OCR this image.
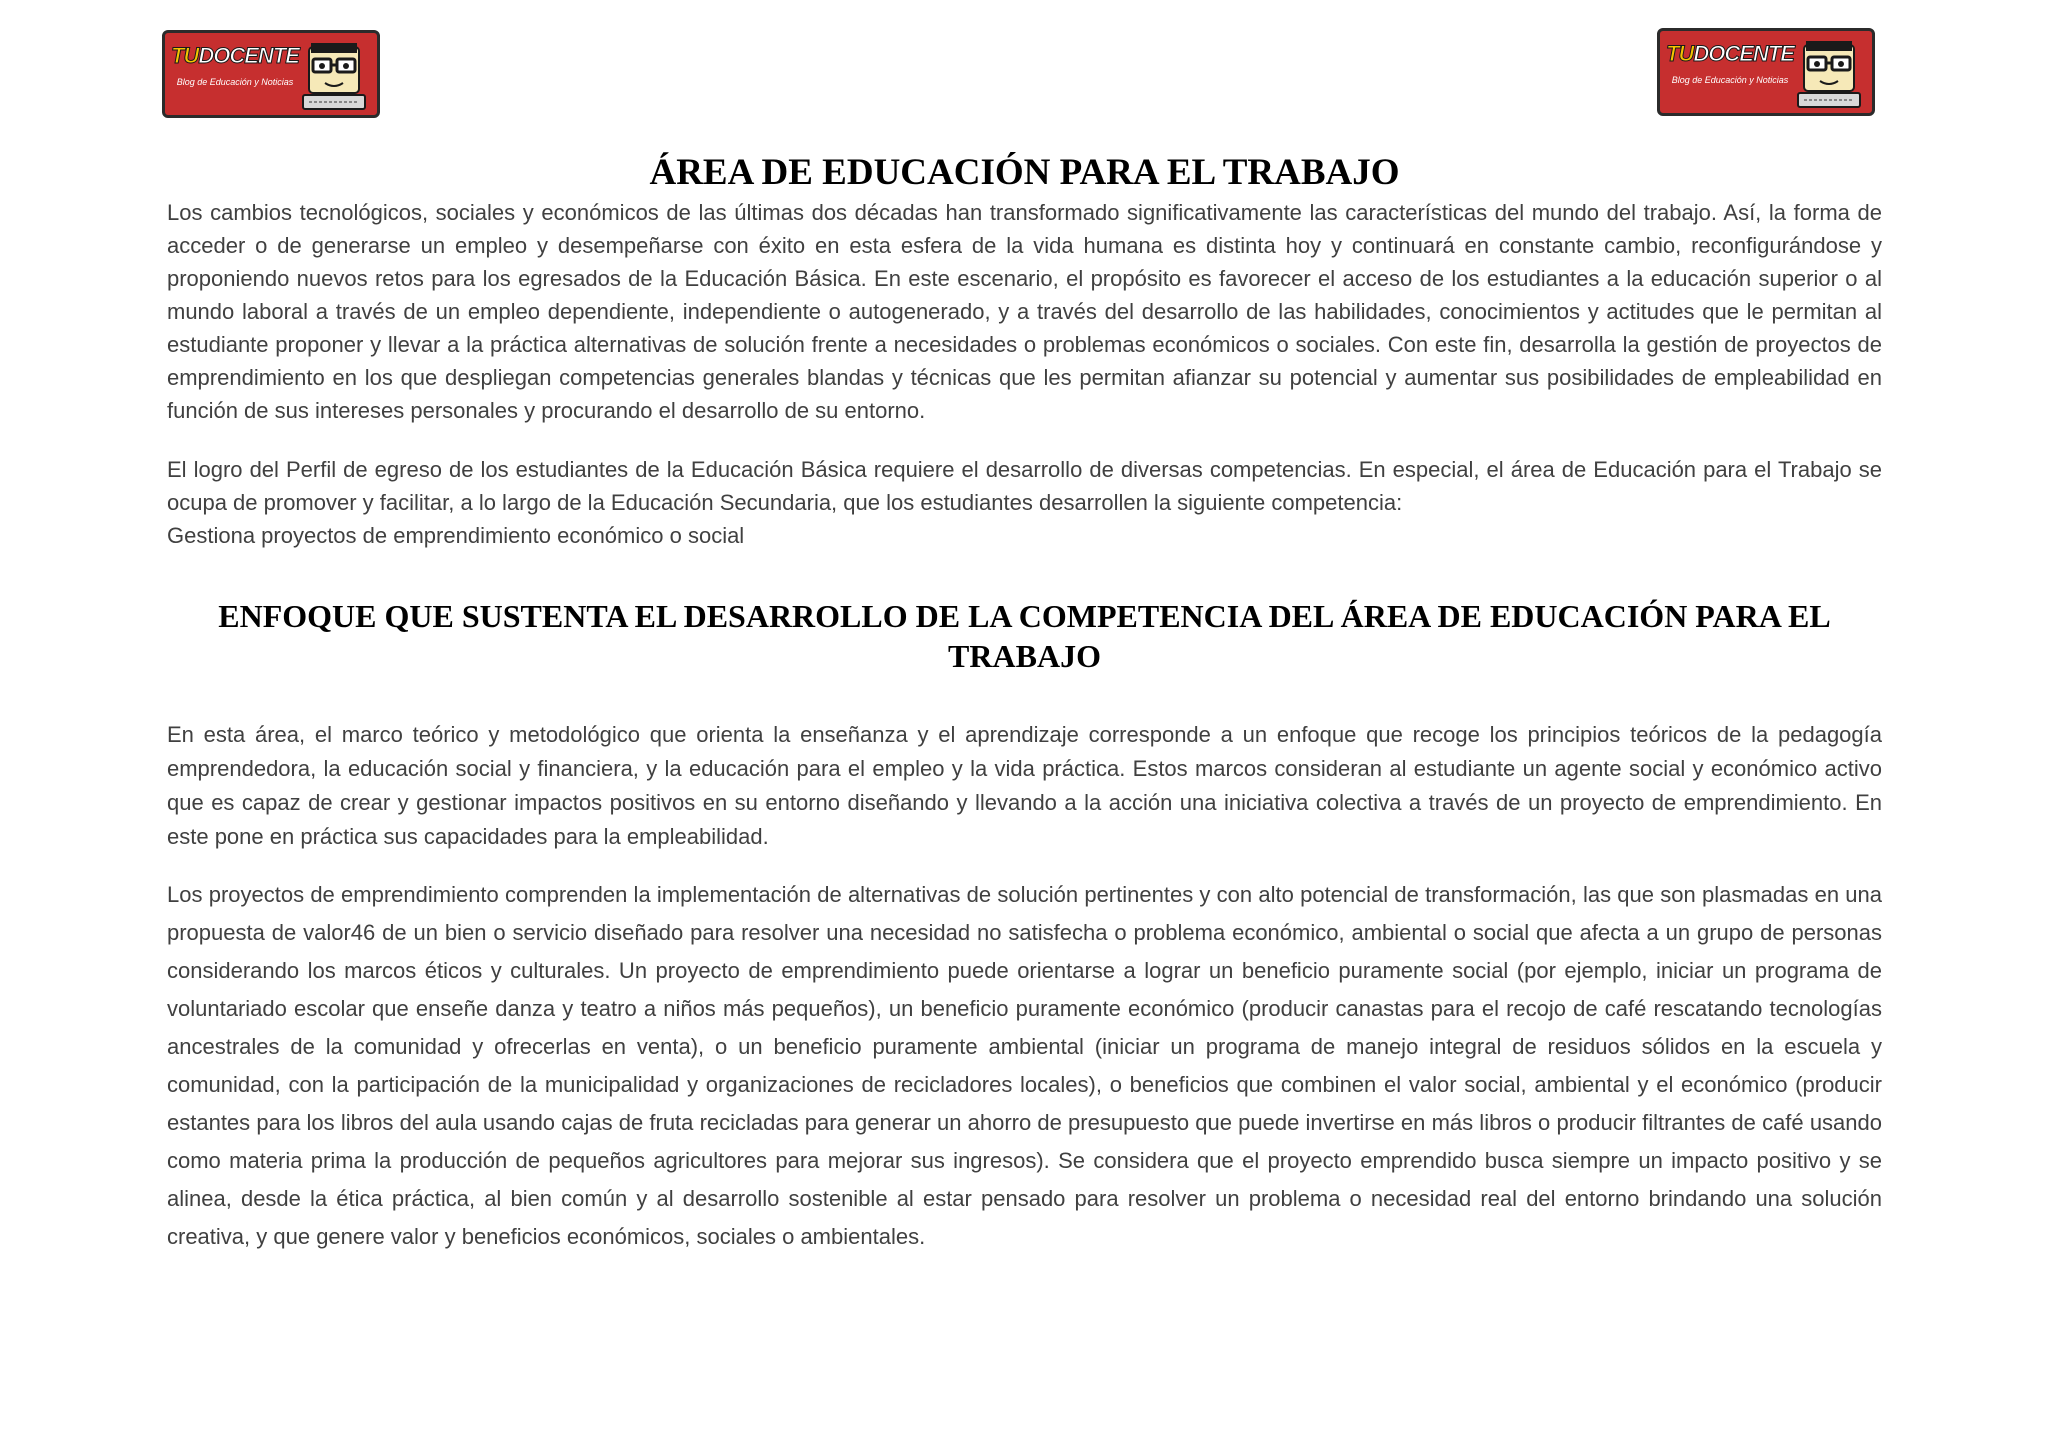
TUDOCENTE
Blog de Educación y Noticias
TUDOCENTE
Blog de Educación y Noticias
ÁREA DE EDUCACIÓN PARA EL TRABAJO

Los cambios tecnológicos, sociales y económicos de las últimas dos décadas han transformado significativamente las características del mundo del trabajo. Así, la forma de acceder o de generarse un empleo y desempeñarse con éxito en esta esfera de la vida humana es distinta hoy y continuará en constante cambio, reconfigurándose y proponiendo nuevos retos para los egresados de la Educación Básica. En este escenario, el propósito es favorecer el acceso de los estudiantes a la educación superior o al mundo laboral a través de un empleo dependiente, independiente o autogenerado, y a través del desarrollo de las habilidades, conocimientos y actitudes que le permitan al estudiante proponer y llevar a la práctica alternativas de solución frente a necesidades o problemas económicos o sociales. Con este fin, desarrolla la gestión de proyectos de emprendimiento en los que despliegan competencias generales blandas y técnicas que les permitan afianzar su potencial y aumentar sus posibilidades de empleabilidad en función de sus intereses personales y procurando el desarrollo de su entorno.

El logro del Perfil de egreso de los estudiantes de la Educación Básica requiere el desarrollo de diversas competencias. En especial, el área de Educación para el Trabajo se ocupa de promover y facilitar, a lo largo de la Educación Secundaria, que los estudiantes desarrollen la siguiente competencia:

Gestiona proyectos de emprendimiento económico o social

ENFOQUE QUE SUSTENTA EL DESARROLLO DE LA COMPETENCIA DEL ÁREA DE EDUCACIÓN PARA EL TRABAJO

En esta área, el marco teórico y metodológico que orienta la enseñanza y el aprendizaje corresponde a un enfoque que recoge los principios teóricos de la pedagogía emprendedora, la educación social y financiera, y la educación para el empleo y la vida práctica. Estos marcos consideran al estudiante un agente social y económico activo que es capaz de crear y gestionar impactos positivos en su entorno diseñando y llevando a la acción una iniciativa colectiva a través de un proyecto de emprendimiento. En este pone en práctica sus capacidades para la empleabilidad.

Los proyectos de emprendimiento comprenden la implementación de alternativas de solución pertinentes y con alto potencial de transformación, las que son plasmadas en una propuesta de valor46 de un bien o servicio diseñado para resolver una necesidad no satisfecha o problema económico, ambiental o social que afecta a un grupo de personas considerando los marcos éticos y culturales. Un proyecto de emprendimiento puede orientarse a lograr un beneficio puramente social (por ejemplo, iniciar un programa de voluntariado escolar que enseñe danza y teatro a niños más pequeños), un beneficio puramente económico (producir canastas para el recojo de café rescatando tecnologías ancestrales de la comunidad y ofrecerlas en venta), o un beneficio puramente ambiental (iniciar un programa de manejo integral de residuos sólidos en la escuela y comunidad, con la participación de la municipalidad y organizaciones de recicladores locales), o beneficios que combinen el valor social, ambiental y el económico (producir estantes para los libros del aula usando cajas de fruta recicladas para generar un ahorro de presupuesto que puede invertirse en más libros o producir filtrantes de café usando como materia prima la producción de pequeños agricultores para mejorar sus ingresos). Se considera que el proyecto emprendido busca siempre un impacto positivo y se alinea, desde la ética práctica, al bien común y al desarrollo sostenible al estar pensado para resolver un problema o necesidad real del entorno brindando una solución creativa, y que genere valor y beneficios económicos, sociales o ambientales.
